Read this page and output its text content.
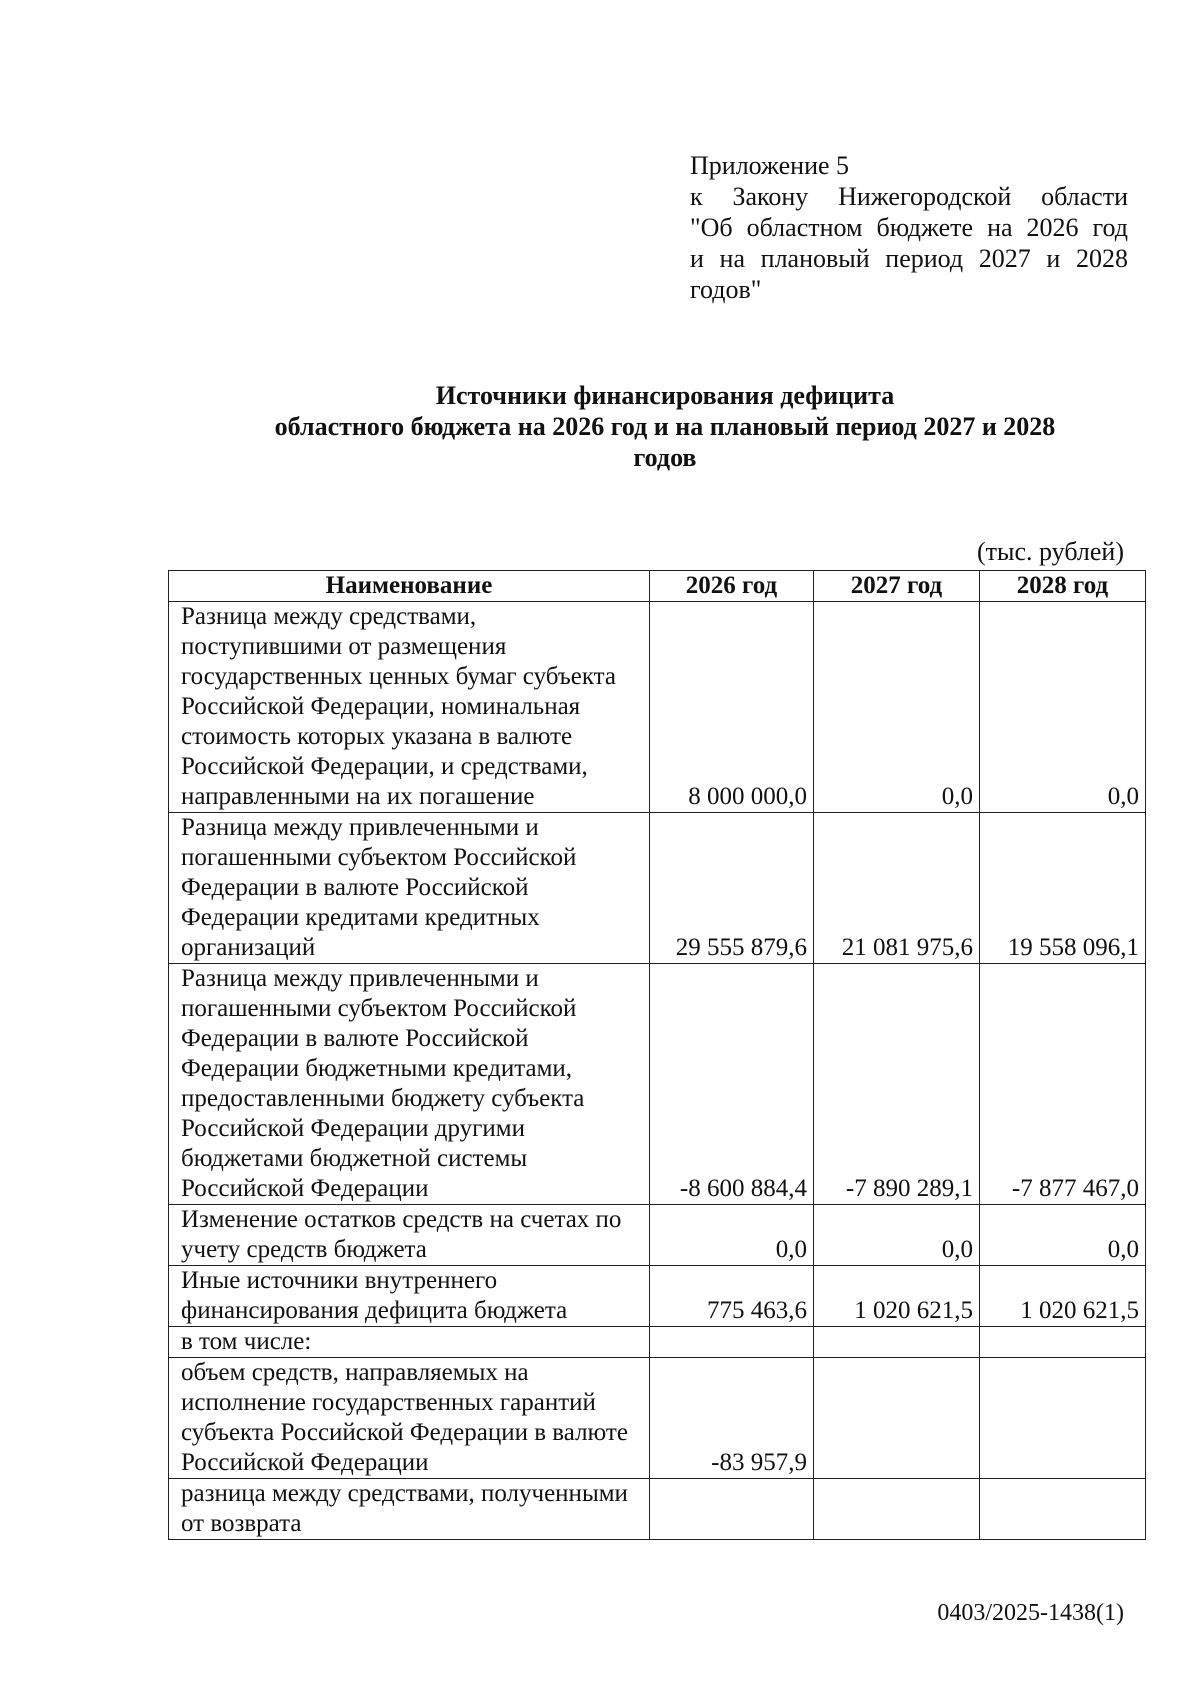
Приложение 5
к Закону Нижегородской области
"Об областном бюджете на 2026 год
и на плановый период 2027 и 2028
годов"
Источники финансирования дефицита
областного бюджета на 2026 год и на плановый период 2027 и 2028
годов
(тыс. рублей)
Наименование	2026 год	2027 год	2028 год
Разница между средствами, поступившими от размещения государственных ценных бумаг субъекта Российской Федерации, номинальная стоимость которых указана в валюте Российской Федерации, и средствами, направленными на их погашение	8 000 000,0	0,0	0,0
Разница между привлеченными и погашенными субъектом Российской Федерации в валюте Российской Федерации кредитами кредитных организаций	29 555 879,6	21 081 975,6	19 558 096,1
Разница между привлеченными и погашенными субъектом Российской Федерации в валюте Российской Федерации бюджетными кредитами, предоставленными бюджету субъекта Российской Федерации другими бюджетами бюджетной системы Российской Федерации	-8 600 884,4	-7 890 289,1	-7 877 467,0
Изменение остатков средств на счетах по учету средств бюджета	0,0	0,0	0,0
Иные источники внутреннего финансирования дефицита бюджета	775 463,6	1 020 621,5	1 020 621,5
в том числе:			
объем средств, направляемых на исполнение государственных гарантий субъекта Российской Федерации в валюте Российской Федерации	-83 957,9		
разница между средствами, полученными от возврата			
0403/2025-1438(1)
